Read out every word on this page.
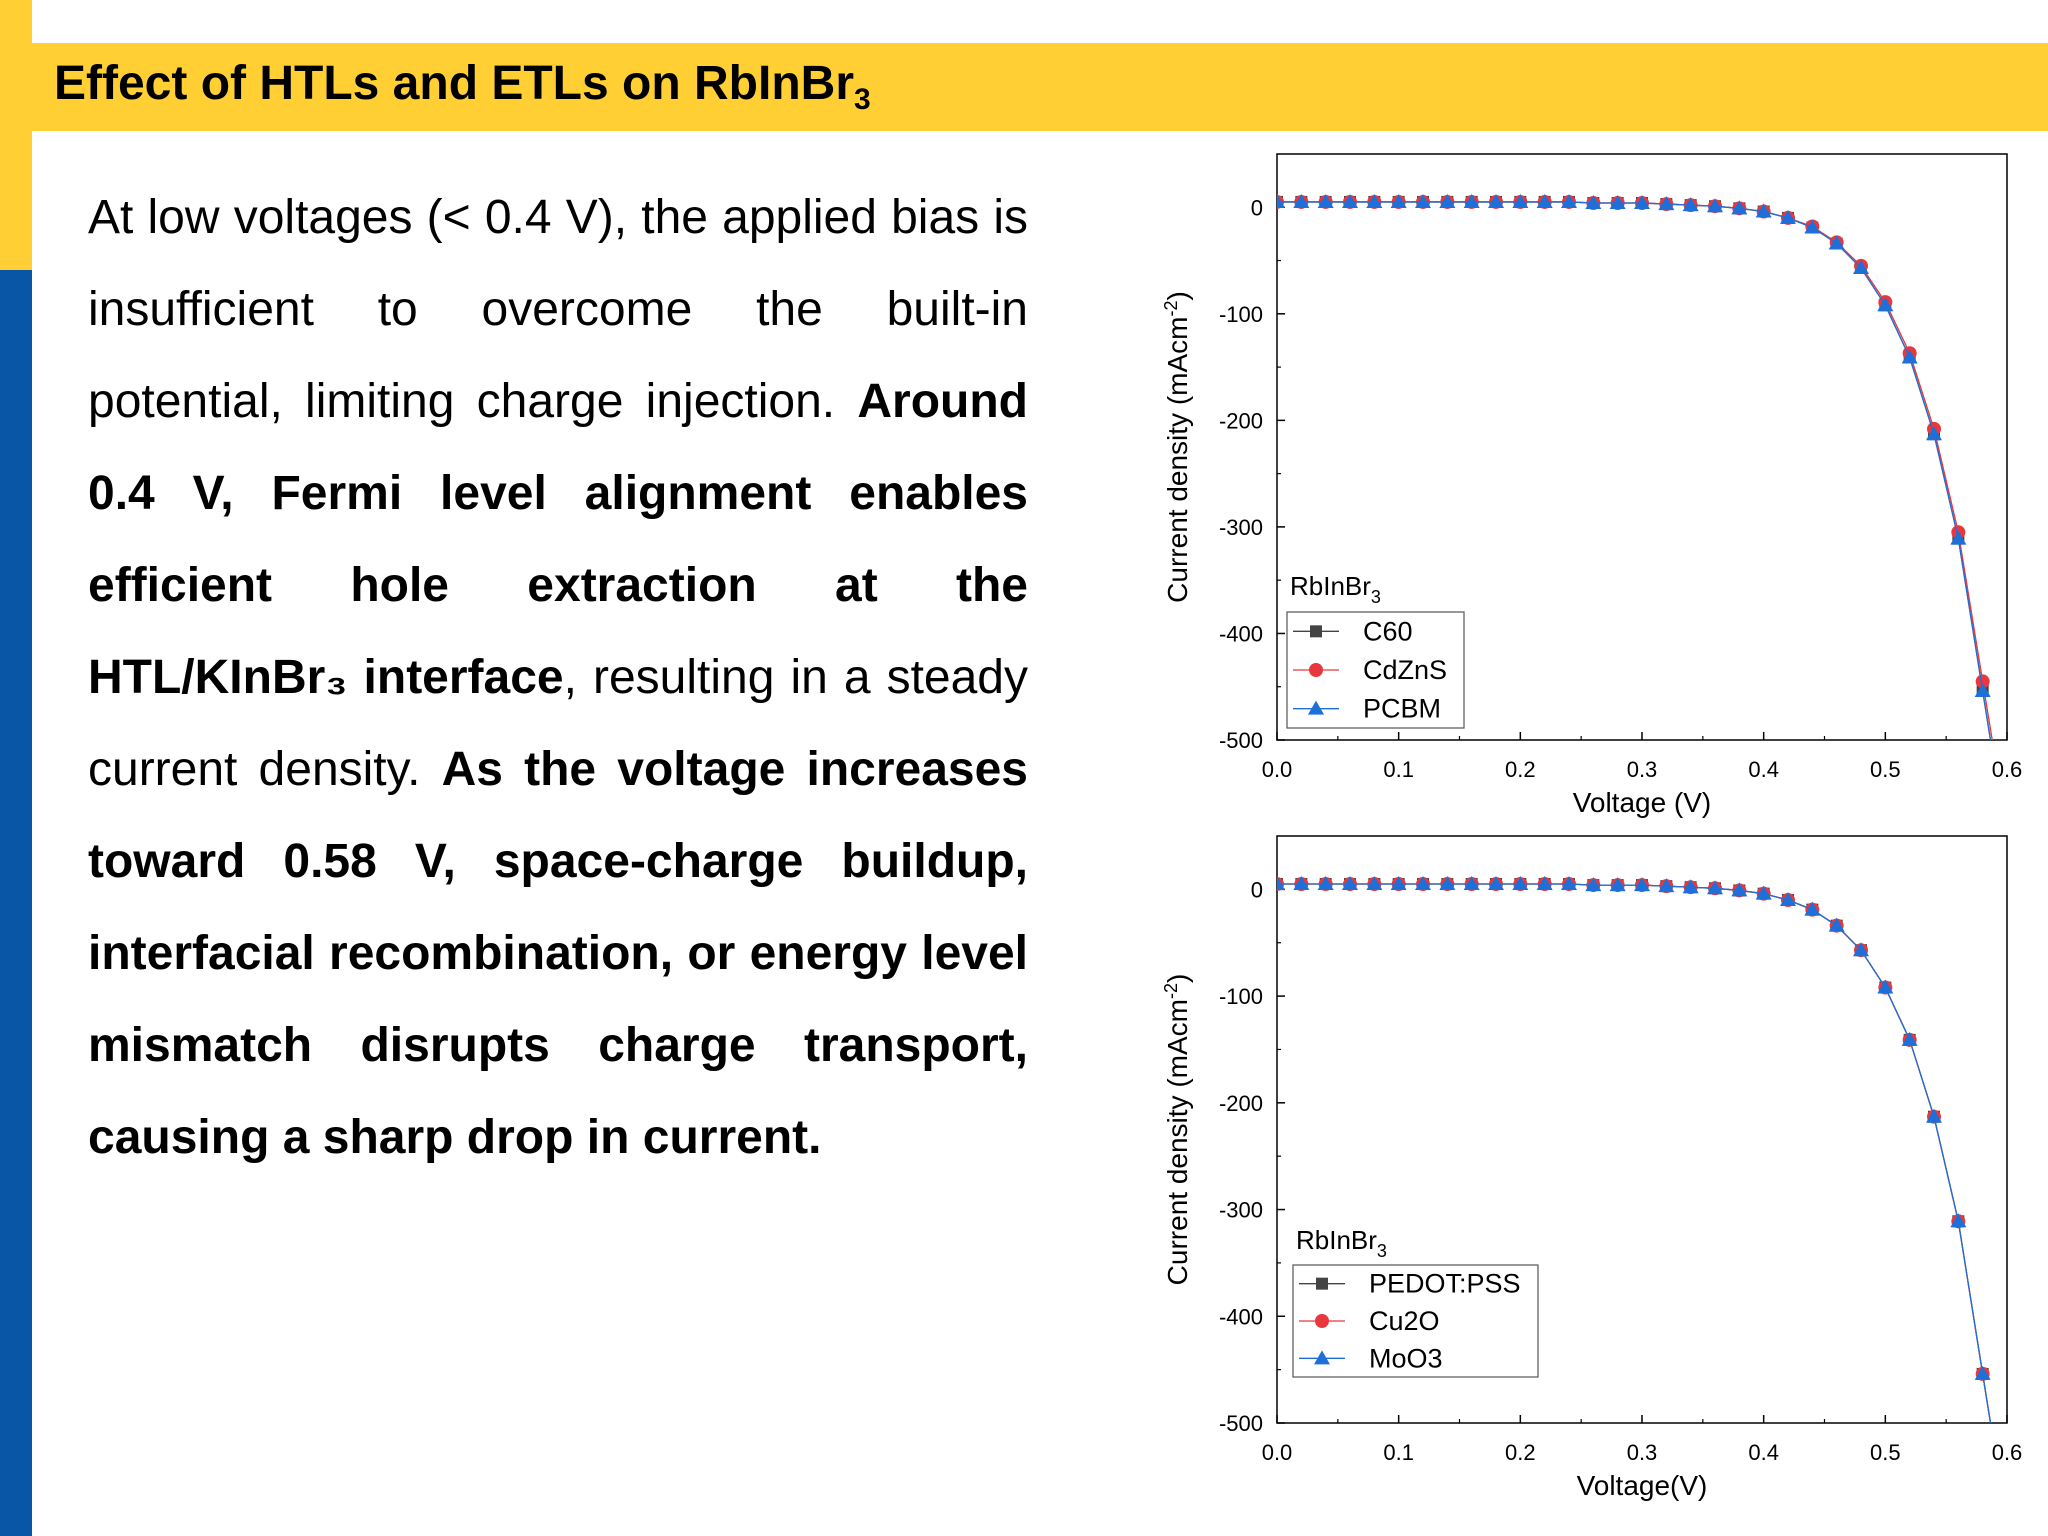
Effect of HTLs and ETLs on RbInBr$_3$

At low voltages (< 0.4 V), the applied bias is insufficient to overcome the built-in potential, limiting charge injection. Around 0.4 V, Fermi level alignment enables efficient hole extraction at the HTL/KInBr₃ interface, resulting in a steady current density. As the voltage increases toward 0.58 V, space-charge buildup, interfacial recombination, or energy level mismatch disrupts charge transport, causing a sharp drop in current.

0.0	0.1	0.2	0.3	0.4	0.5	0.6
0
-100
-200
-300
-400
-500
Voltage (V)
Current density (mAcm$^{-2}$)
RbInBr$_3$
C60
CdZnS
PCBM
0.0	0.1	0.2	0.3	0.4	0.5	0.6
0
-100
-200
-300
-400
-500
Voltage(V)
Current density (mAcm$^{-2}$)
RbInBr$_3$
PEDOT:PSS
Cu2O
MoO3
